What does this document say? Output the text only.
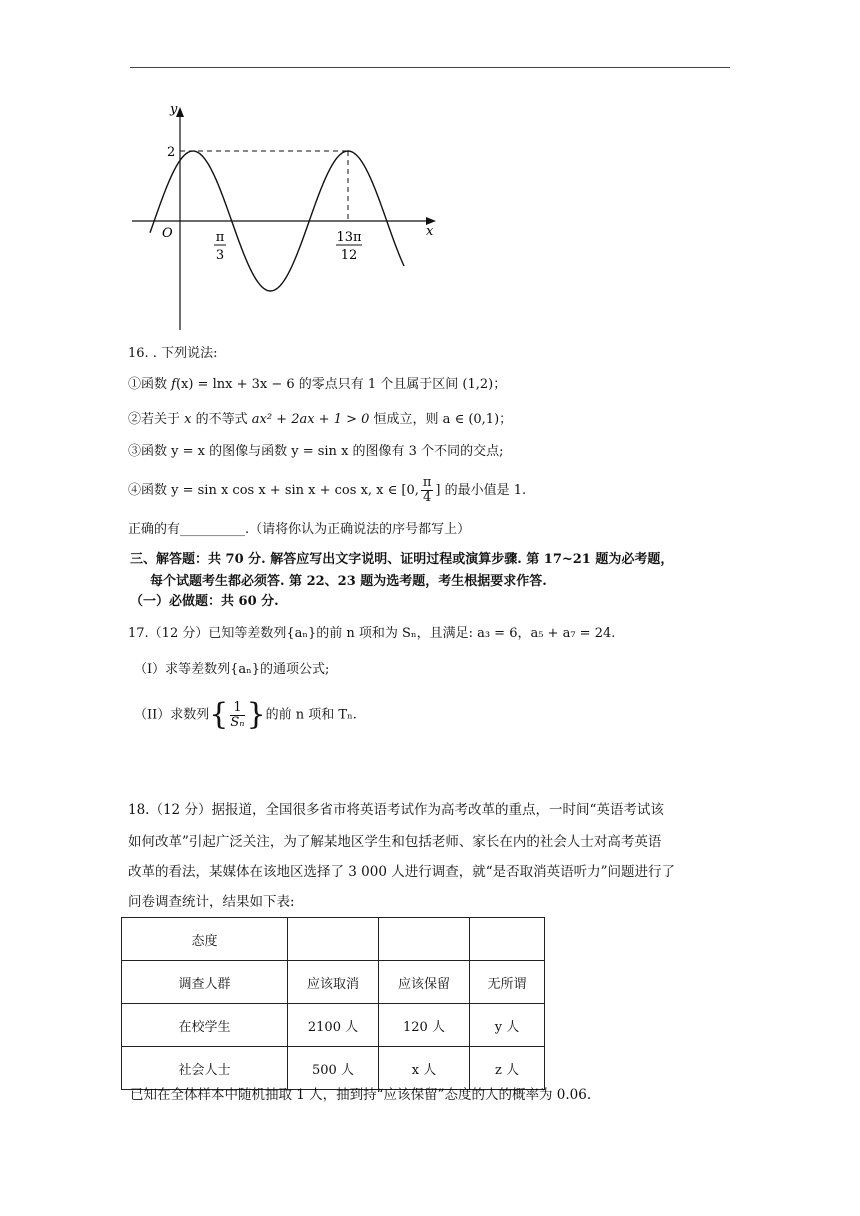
y
x
O
2
π
3
13π
12
16. . 下列说法:
①函数 f(x) = lnx + 3x − 6 的零点只有 1 个且属于区间 (1,2)；
②若关于 x 的不等式 ax² + 2ax + 1 > 0 恒成立，则 a ∈ (0,1)；
③函数 y = x 的图像与函数 y = sin x 的图像有 3 个不同的交点;
④函数 y = sin x cos x + sin x + cos x, x ∈ [0, $\frac{\pi}{4}$ ] 的最小值是 1.
正确的有__________.（请将你认为正确说法的序号都写上）
三、解答题：共 70 分. 解答应写出文字说明、证明过程或演算步骤. 第 17~21 题为必考题，
每个试题考生都必须答. 第 22、23 题为选考题，考生根据要求作答.
（一）必做题：共 60 分.
17.（12 分）已知等差数列{aₙ}的前 n 项和为 Sₙ，且满足: a₃ = 6，a₅ + a₇ = 24.
（I）求等差数列{aₙ}的通项公式;
（II）求数列{ $\frac{1}{\text{Sₙ}}$ }的前 n 项和 Tₙ.
18.（12 分）据报道，全国很多省市将英语考试作为高考改革的重点，一时间“英语考试该
如何改革”引起广泛关注，为了解某地区学生和包括老师、家长在内的社会人士对高考英语
改革的看法，某媒体在该地区选择了 3 000 人进行调查，就“是否取消英语听力”问题进行了
问卷调查统计，结果如下表:
态度			
调查人群	应该取消	应该保留	无所谓
在校学生	2100 人	120 人	y 人
社会人士	500 人	x 人	z 人
已知在全体样本中随机抽取 1 人，抽到持“应该保留”态度的人的概率为 0.06.
